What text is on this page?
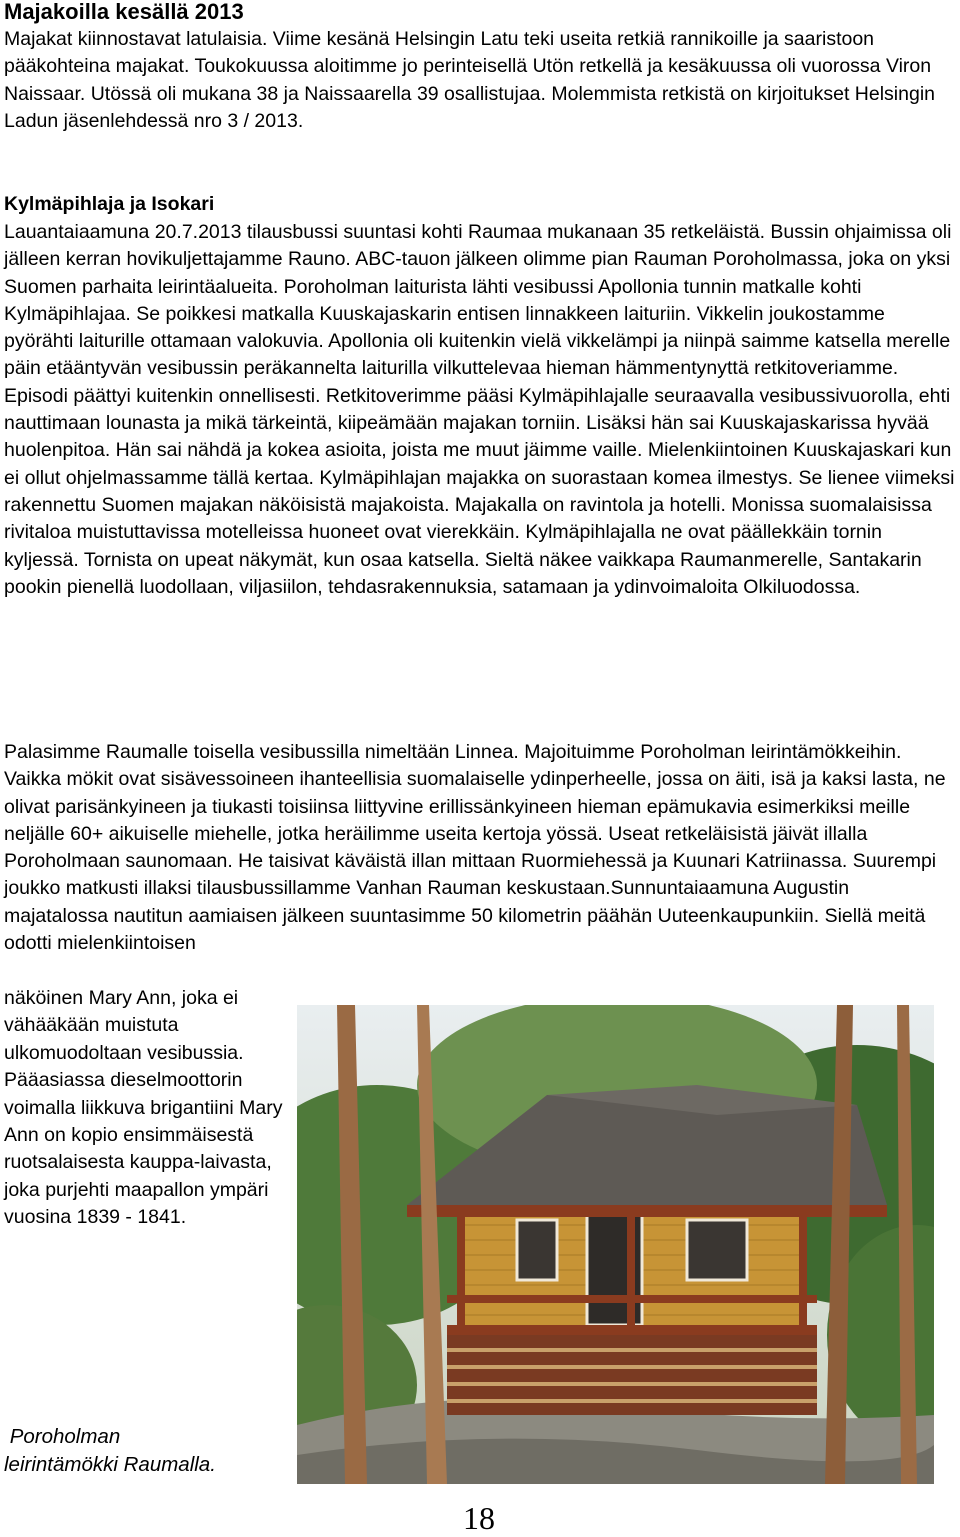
Majakoilla kesällä 2013

Majakat kiinnostavat latulaisia. Viime kesänä Helsingin Latu teki useita retkiä rannikoille ja saaristoon pääkohteina majakat. Toukokuussa aloitimme jo perinteisellä Utön retkellä ja kesäkuussa oli vuorossa Viron Naissaar. Utössä oli mukana 38 ja Naissaarella 39 osallistujaa. Molemmista retkistä on kirjoitukset Helsingin Ladun jäsenlehdessä nro 3 / 2013.

Kylmäpihlaja ja Isokari

Lauantaiaamuna 20.7.2013 tilausbussi suuntasi kohti Raumaa mukanaan 35 retkeläistä. Bussin ohjaimissa oli jälleen kerran hovikuljettajamme Rauno. ABC-tauon jälkeen olimme pian Rauman Poroholmassa, joka on yksi Suomen parhaita leirintäalueita. Poroholman laiturista lähti vesibussi Apollonia tunnin matkalle kohti Kylmäpihlajaa. Se poikkesi matkalla Kuuskajaskarin entisen linnakkeen laituriin. Vikkelin joukostamme pyörähti laiturille ottamaan valokuvia. Apollonia oli kuitenkin vielä vikkelämpi ja niinpä saimme katsella merelle päin etääntyvän vesibussin peräkannelta laiturilla vilkuttelevaa hieman hämmentynyttä retkitoveriamme. Episodi päättyi kuitenkin onnellisesti. Retkitoverimme pääsi Kylmäpihlajalle seuraavalla vesibussivuorolla, ehti nauttimaan lounasta ja mikä tärkeintä, kiipeämään majakan torniin. Lisäksi hän sai Kuuskajaskarissa hyvää huolenpitoa. Hän sai nähdä ja kokea asioita, joista me muut jäimme vaille. Mielenkiintoinen Kuuskajaskari kun ei ollut ohjelmassamme tällä kertaa. Kylmäpihlajan majakka on suorastaan komea ilmestys. Se lienee viimeksi rakennettu Suomen majakan näköisistä majakoista. Majakalla on ravintola ja hotelli. Monissa suomalaisissa rivitaloa muistuttavissa motelleissa huoneet ovat vierekkäin. Kylmäpihlajalla ne ovat päällekkäin tornin kyljessä. Tornista on upeat näkymät, kun osaa katsella. Sieltä näkee vaikkapa Raumanmerelle, Santakarin pookin pienellä luodollaan, viljasiilon, tehdasrakennuksia, satamaan ja ydinvoimaloita Olkiluodossa.

Palasimme Raumalle toisella vesibussilla nimeltään Linnea. Majoituimme Poroholman leirintämökkeihin. Vaikka mökit ovat sisävessoineen ihanteellisia suomalaiselle ydinperheelle, jossa on äiti, isä ja kaksi lasta, ne olivat parisänkyineen ja tiukasti toisiinsa liittyvine erillissänkyineen hieman epämukavia esimerkiksi meille neljälle 60+ aikuiselle miehelle, jotka heräilimme useita kertoja yössä. Useat retkeläisistä jäivät illalla Poroholmaan saunomaan. He taisivat käväistä illan mittaan Ruormiehessä ja Kuunari Katriinassa. Suurempi joukko matkusti illaksi tilausbussillamme Vanhan Rauman keskustaan.Sunnuntaiaamuna Augustin majatalossa nautitun aamiaisen jälkeen suuntasimme 50 kilometrin päähän Uuteenkaupunkiin. Siellä meitä odotti mielenkiintoisen

näköinen Mary Ann, joka ei vähääkään muistuta ulkomuodoltaan vesibussia. Pääasiassa dieselmoottorin voimalla liikkuva brigantiini Mary Ann on kopio ensimmäisestä ruotsalaisesta kauppa-laivasta, joka purjehti maapallon ympäri vuosina 1839 - 1841.

Poroholman
leirintämökki Raumalla.
18
